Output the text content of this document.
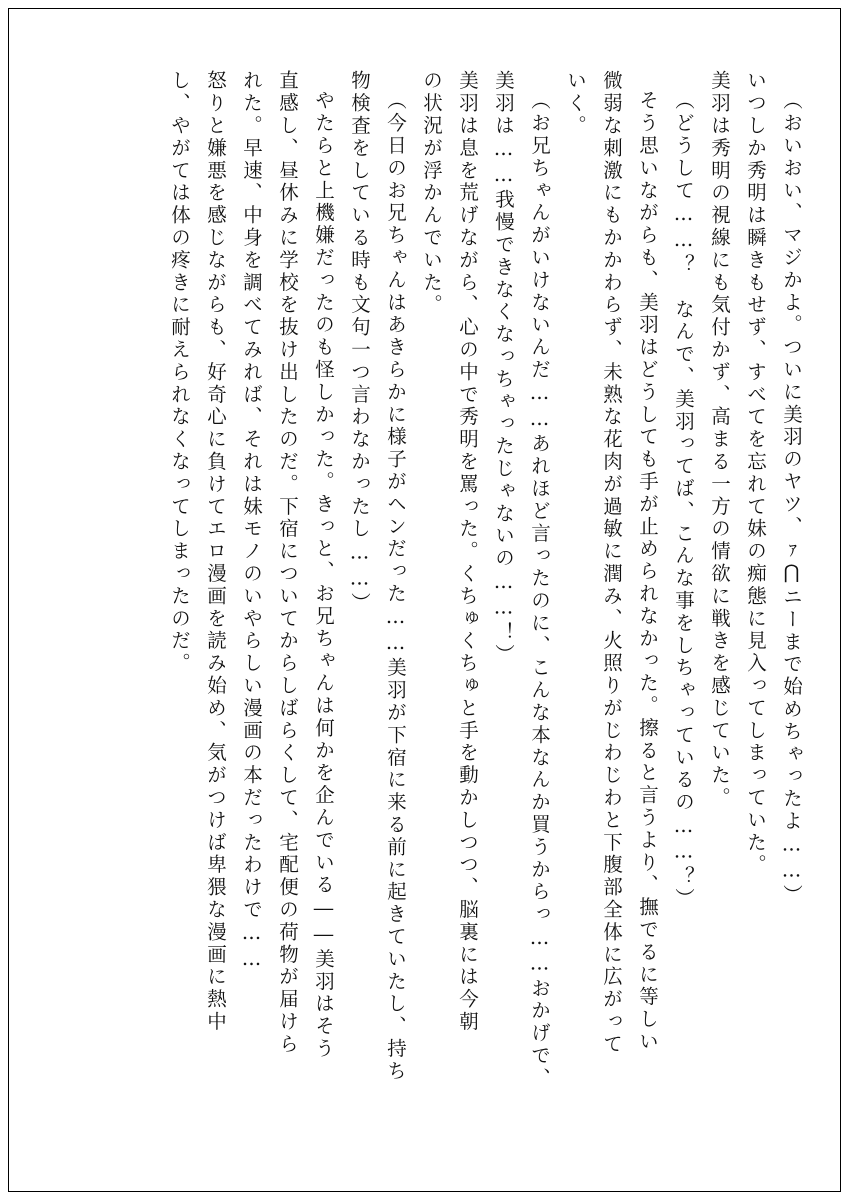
（おいおい、マジかよ。ついに美羽のヤツ、ｧ⋂ニーまで始めちゃったよ……）
いつしか秀明は瞬きもせず、すべてを忘れて妹の痴態に見入ってしまっていた。
美羽は秀明の視線にも気付かず、高まる一方の情欲に戦きを感じていた。
（どうして……？　なんで、美羽ってば、こんな事をしちゃっているの……？）
そう思いながらも、美羽はどうしても手が止められなかった。擦ると言うより、撫でるに等しい
微弱な刺激にもかかわらず、未熟な花肉が過敏に潤み、火照りがじわじわと下腹部全体に広がって
いく。
（お兄ちゃんがいけないんだ……あれほど言ったのに、こんな本なんか買うからっ……おかげで、
美羽は……我慢できなくなっちゃったじゃないの……！）
美羽は息を荒げながら、心の中で秀明を罵った。くちゅくちゅと手を動かしつつ、脳裏には今朝
の状況が浮かんでいた。
（今日のお兄ちゃんはあきらかに様子がヘンだった……美羽が下宿に来る前に起きていたし、持ち
物検査をしている時も文句一つ言わなかったし……）
やたらと上機嫌だったのも怪しかった。きっと、お兄ちゃんは何かを企んでいる――美羽はそう
直感し、昼休みに学校を抜け出したのだ。下宿についてからしばらくして、宅配便の荷物が届けら
れた。早速、中身を調べてみれば、それは妹モノのいやらしい漫画の本だったわけで……
怒りと嫌悪を感じながらも、好奇心に負けてエロ漫画を読み始め、気がつけば卑猥な漫画に熱中
し、やがては体の疼きに耐えられなくなってしまったのだ。
